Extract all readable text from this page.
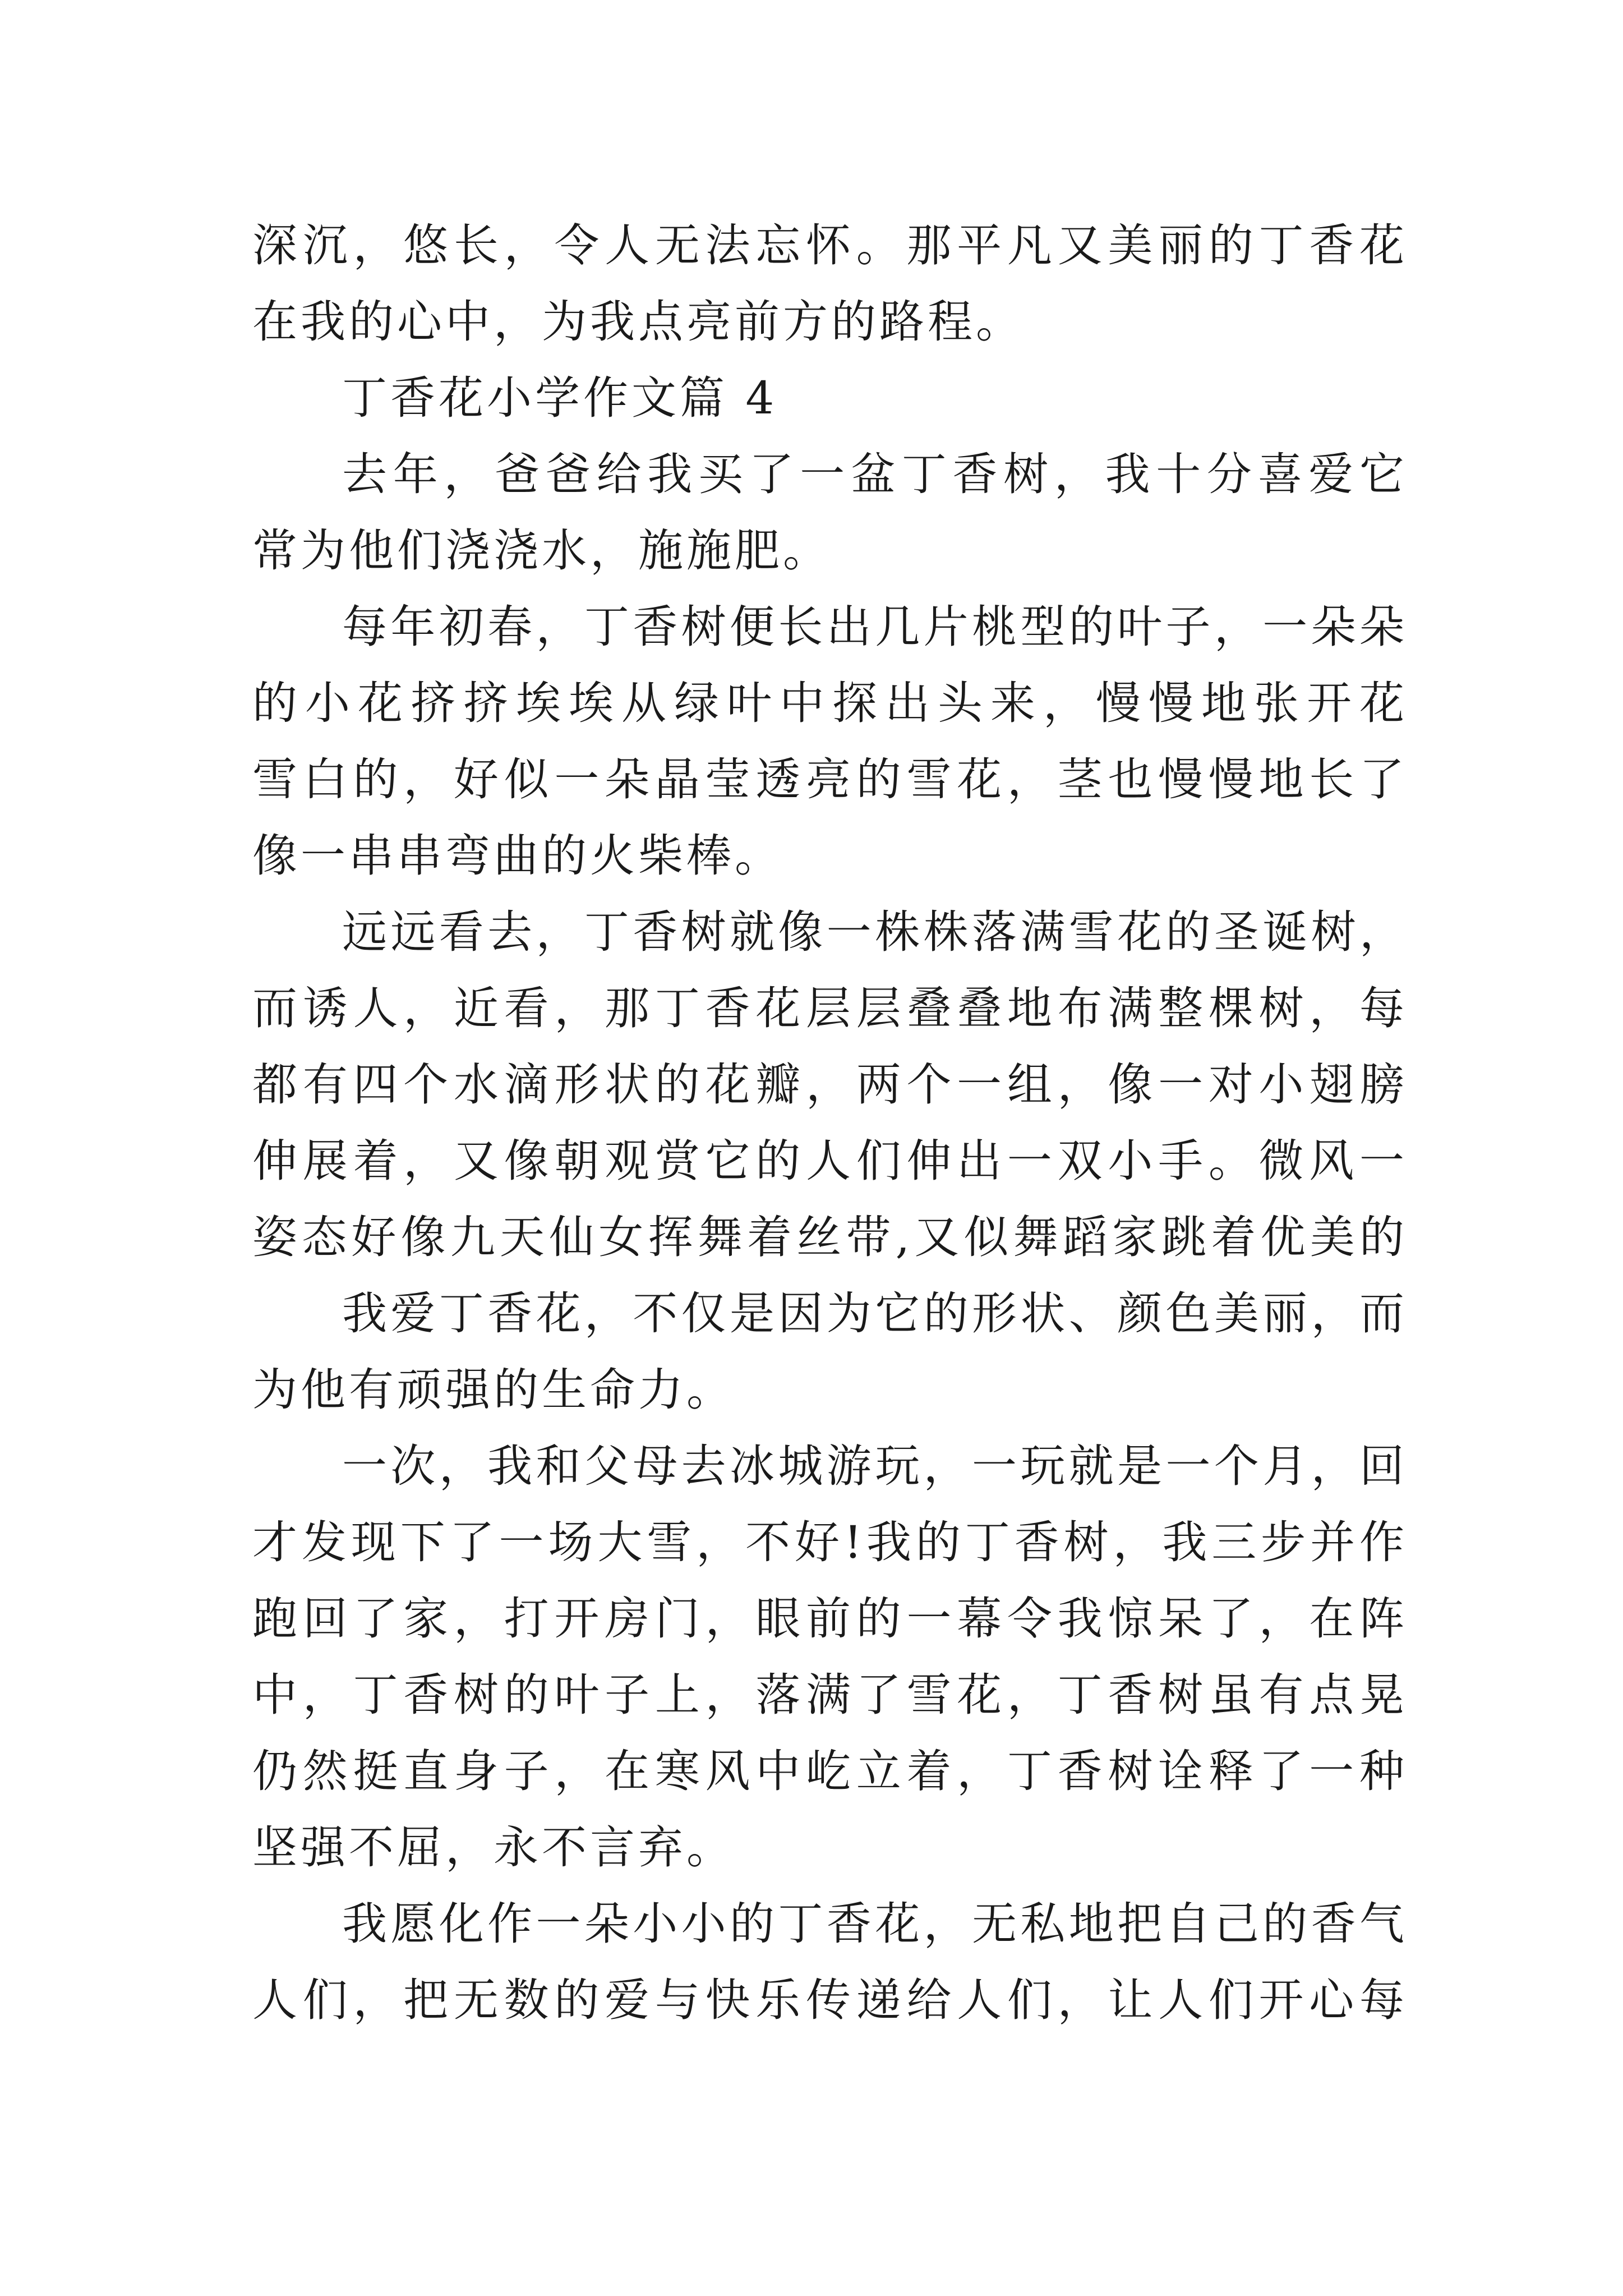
深沉，悠长，令人无法忘怀。那平凡又美丽的丁香花
在我的心中，为我点亮前方的路程。
丁香花小学作文篇 4
去年，爸爸给我买了一盆丁香树，我十分喜爱它
常为他们浇浇水，施施肥。
每年初春，丁香树便长出几片桃型的叶子，一朵朵
的小花挤挤埃埃从绿叶中探出头来，慢慢地张开花
雪白的，好似一朵晶莹透亮的雪花，茎也慢慢地长了
像一串串弯曲的火柴棒。
远远看去，丁香树就像一株株落满雪花的圣诞树，
而诱人，近看，那丁香花层层叠叠地布满整棵树，每
都有四个水滴形状的花瓣，两个一组，像一对小翅膀
伸展着，又像朝观赏它的人们伸出一双小手。微风一
姿态好像九天仙女挥舞着丝带,又似舞蹈家跳着优美的
我爱丁香花，不仅是因为它的形状、颜色美丽，而
为他有顽强的生命力。
一次，我和父母去冰城游玩，一玩就是一个月，回
才发现下了一场大雪，不好!我的丁香树，我三步并作
跑回了家，打开房门，眼前的一幕令我惊呆了，在阵
中，丁香树的叶子上，落满了雪花，丁香树虽有点晃
仍然挺直身子，在寒风中屹立着，丁香树诠释了一种
坚强不屈，永不言弃。
我愿化作一朵小小的丁香花，无私地把自己的香气
人们，把无数的爱与快乐传递给人们，让人们开心每
